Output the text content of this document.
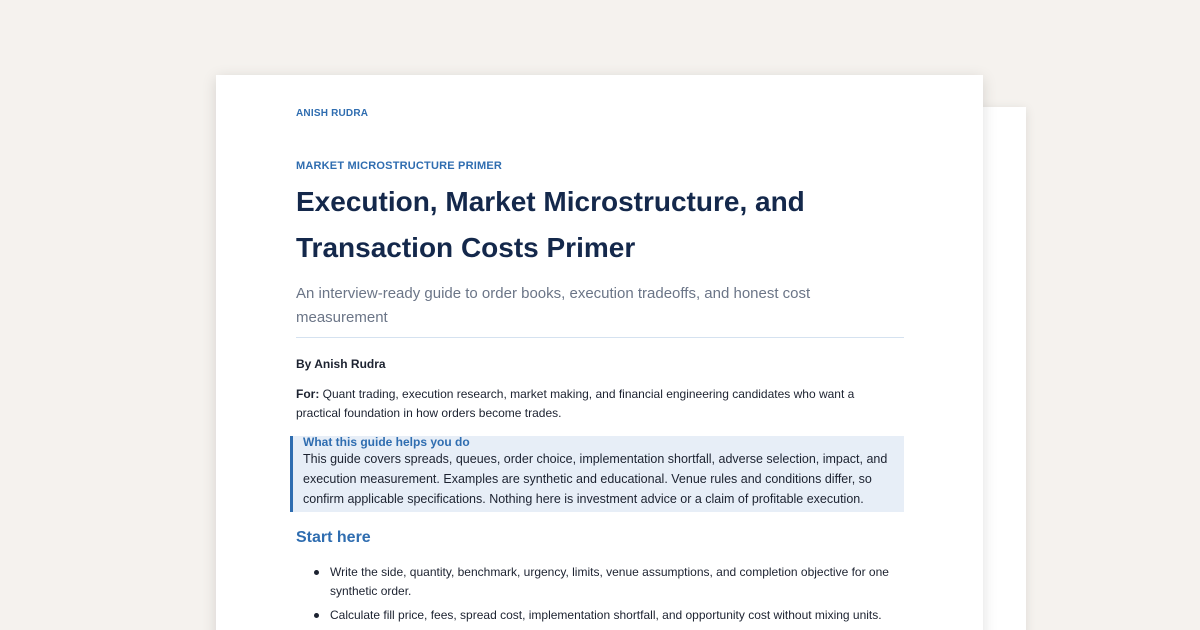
ANISH RUDRA
MARKET MICROSTRUCTURE PRIMER
Execution, Market Microstructure, and Transaction Costs Primer
An interview-ready guide to order books, execution tradeoffs, and honest cost measurement
By Anish Rudra
For: Quant trading, execution research, market making, and financial engineering candidates who want a practical foundation in how orders become trades.
What this guide helps you do
This guide covers spreads, queues, order choice, implementation shortfall, adverse selection, impact, and execution measurement. Examples are synthetic and educational. Venue rules and conditions differ, so confirm applicable specifications. Nothing here is investment advice or a claim of profitable execution.
Start here
Write the side, quantity, benchmark, urgency, limits, venue assumptions, and completion objective for one synthetic order.
Calculate fill price, fees, spread cost, implementation shortfall, and opportunity cost without mixing units.
